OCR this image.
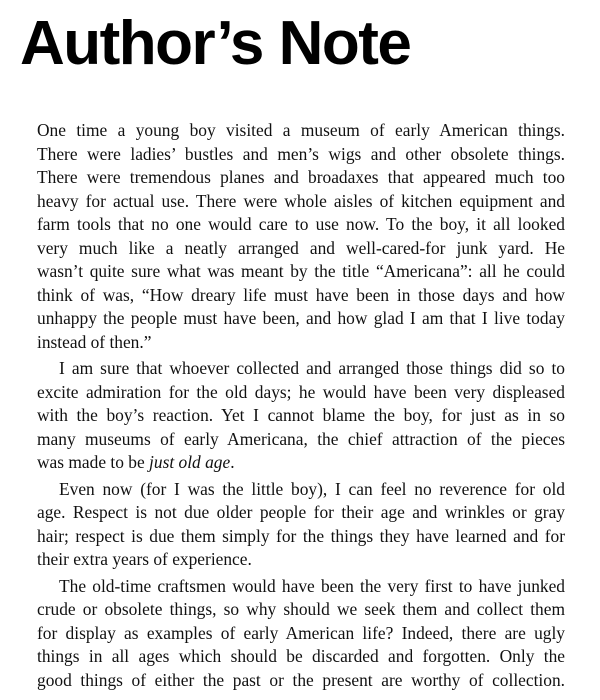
Author’s Note

One time a young boy visited a museum of early American things.
There were ladies’ bustles and men’s wigs and other obsolete things.
There were tremendous planes and broadaxes that appeared much too
heavy for actual use. There were whole aisles of kitchen equipment and
farm tools that no one would care to use now. To the boy, it all looked
very much like a neatly arranged and well-cared-for junk yard. He
wasn’t quite sure what was meant by the title “Americana”: all he could
think of was, “How dreary life must have been in those days and how
unhappy the people must have been, and how glad I am that I live today
instead of then.”

I am sure that whoever collected and arranged those things did so to
excite admiration for the old days; he would have been very displeased
with the boy’s reaction. Yet I cannot blame the boy, for just as in so
many museums of early Americana, the chief attraction of the pieces
was made to be just old age.

Even now (for I was the little boy), I can feel no reverence for old
age. Respect is not due older people for their age and wrinkles or gray
hair; respect is due them simply for the things they have learned and for
their extra years of experience.

The old-time craftsmen would have been the very first to have junked
crude or obsolete things, so why should we seek them and collect them
for display as examples of early American life? Indeed, there are ugly
things in all ages which should be discarded and forgotten. Only the
good things of either the past or the present are worthy of collection.
